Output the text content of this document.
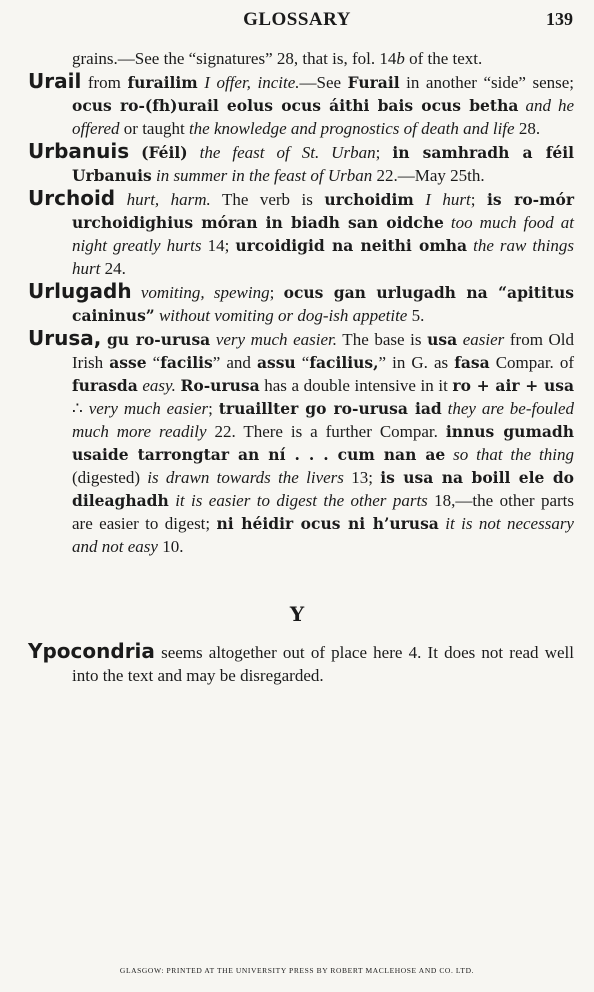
GLOSSARY	139

grains.—See the “signatures” 28, that is, fol. 14b of the text.

Urail from furailim I offer, incite.—See Furail in another “side” sense; ocus ro-(fh)urail eolus ocus áithi bais ocus betha and he offered or taught the knowledge and prognostics of death and life 28.

Urbanuis (Féil) the feast of St. Urban; in samhradh a féil Urbanuis in summer in the feast of Urban 22.—May 25th.

Urchoid hurt, harm. The verb is urchoidim I hurt; is ro-mór urchoidighius móran in biadh san oidche too much food at night greatly hurts 14; urcoidigid na neithi omha the raw things hurt 24.

Urlugadh vomiting, spewing; ocus gan urlugadh na “apititus caininus” without vomiting or dog-ish appetite 5.

Urusa, gu ro-urusa very much easier. The base is usa easier from Old Irish asse “facilis” and assu “facilius,” in G. as fasa Compar. of furasda easy. Ro-urusa has a double intensive in it ro + air + usa ∴ very much easier; truaillter go ro-urusa iad they are be-fouled much more readily 22. There is a further Compar. innus gumadh usaide tarrongtar an ní . . . cum nan ae so that the thing (digested) is drawn towards the livers 13; is usa na boill ele do dileaghadh it is easier to digest the other parts 18,—the other parts are easier to digest; ni héidir ocus ni h’urusa it is not necessary and not easy 10.

Y

Ypocondria seems altogether out of place here 4. It does not read well into the text and may be disregarded.

GLASGOW: PRINTED AT THE UNIVERSITY PRESS BY ROBERT MACLEHOSE AND CO. LTD.
